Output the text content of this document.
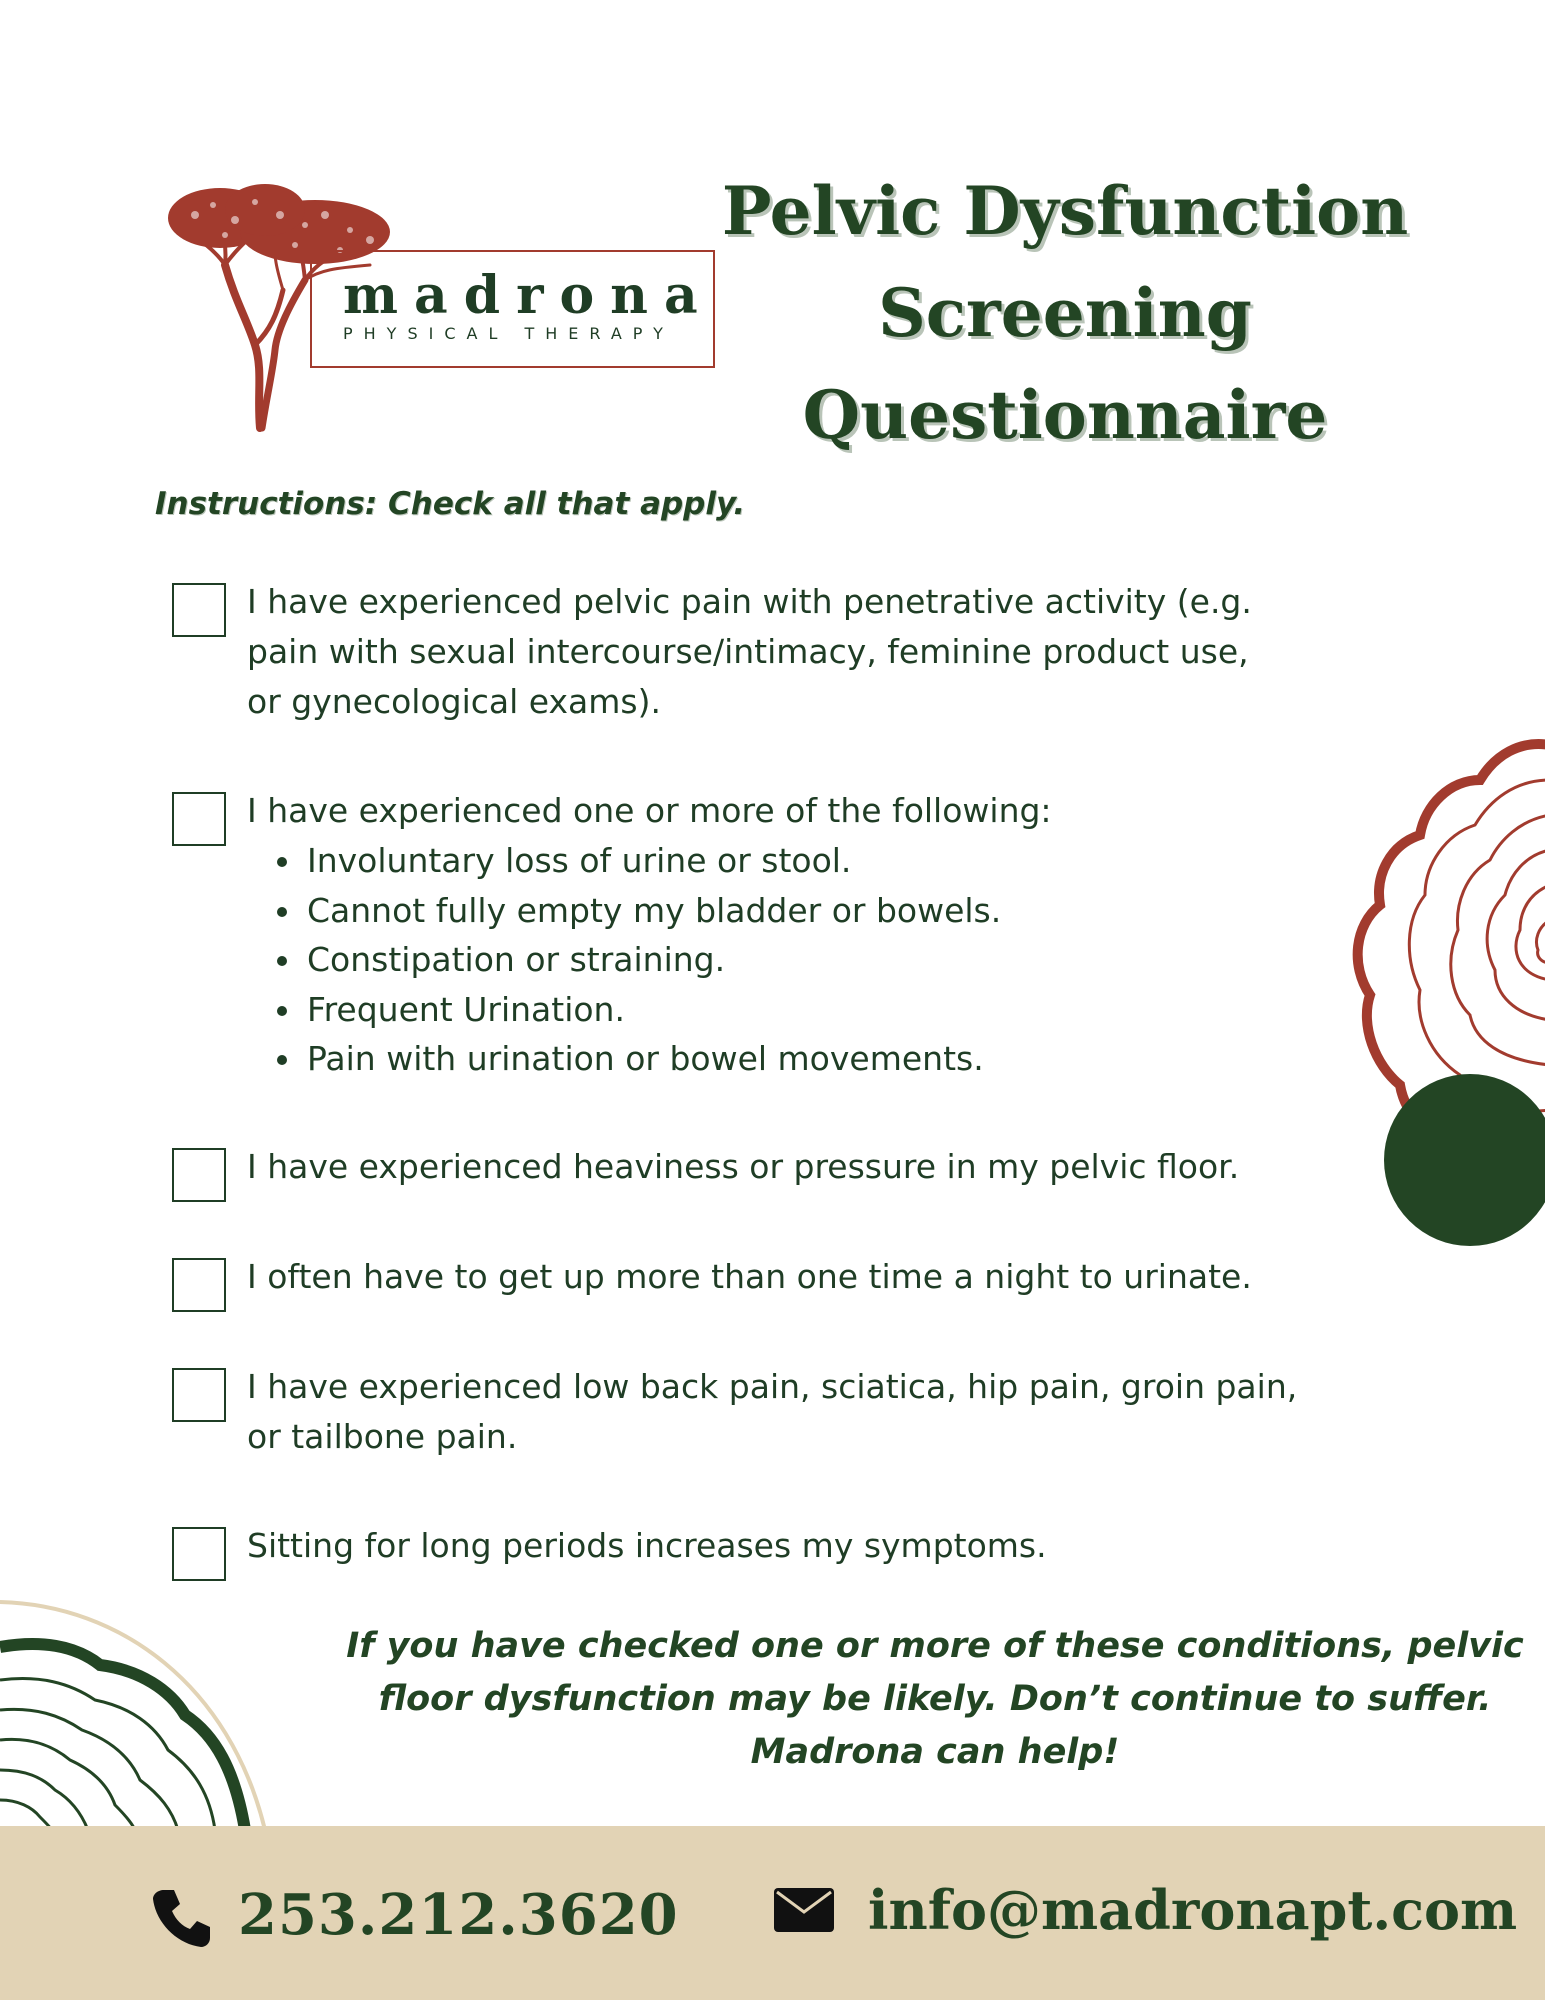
madrona
PHYSICAL THERAPY
Pelvic Dysfunction
Screening
Questionnaire
Instructions: Check all that apply.
I have experienced pelvic pain with penetrative activity (e.g.
pain with sexual intercourse/intimacy, feminine product use,
or gynecological exams).
I have experienced one or more of the following:
Involuntary loss of urine or stool.
Cannot fully empty my bladder or bowels.
Constipation or straining.
Frequent Urination.
Pain with urination or bowel movements.
I have experienced heaviness or pressure in my pelvic floor.
I often have to get up more than one time a night to urinate.
I have experienced low back pain, sciatica, hip pain, groin pain,
or tailbone pain.
Sitting for long periods increases my symptoms.
If you have checked one or more of these conditions, pelvic
floor dysfunction may be likely. Don’t continue to suffer.
Madrona can help!
253.212.3620	info@madronapt.com
